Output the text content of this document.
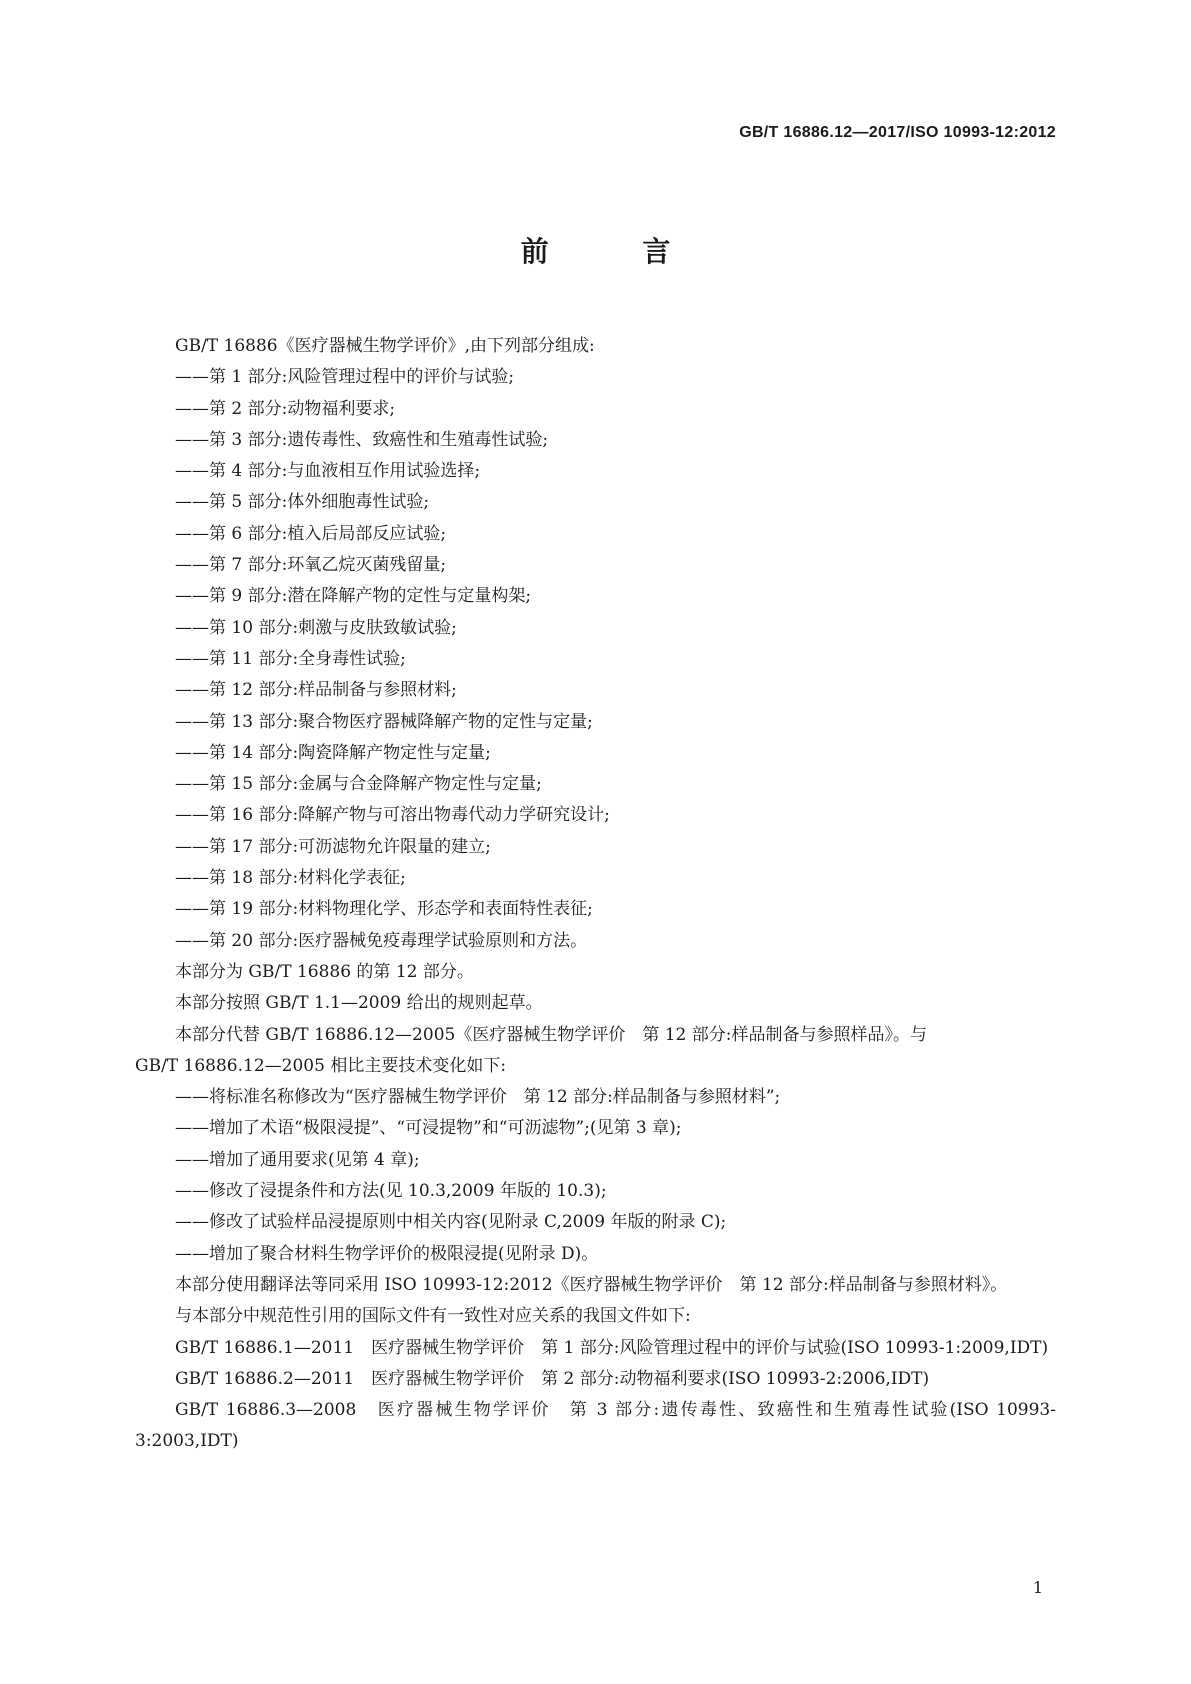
GB/T 16886.12—2017/ISO 10993-12:2012
前 言

GB/T 16886《医疗器械生物学评价》,由下列部分组成:

——第 1 部分:风险管理过程中的评价与试验;

——第 2 部分:动物福利要求;

——第 3 部分:遗传毒性、致癌性和生殖毒性试验;

——第 4 部分:与血液相互作用试验选择;

——第 5 部分:体外细胞毒性试验;

——第 6 部分:植入后局部反应试验;

——第 7 部分:环氧乙烷灭菌残留量;

——第 9 部分:潜在降解产物的定性与定量构架;

——第 10 部分:刺激与皮肤致敏试验;

——第 11 部分:全身毒性试验;

——第 12 部分:样品制备与参照材料;

——第 13 部分:聚合物医疗器械降解产物的定性与定量;

——第 14 部分:陶瓷降解产物定性与定量;

——第 15 部分:金属与合金降解产物定性与定量;

——第 16 部分:降解产物与可溶出物毒代动力学研究设计;

——第 17 部分:可沥滤物允许限量的建立;

——第 18 部分:材料化学表征;

——第 19 部分:材料物理化学、形态学和表面特性表征;

——第 20 部分:医疗器械免疫毒理学试验原则和方法。

本部分为 GB/T 16886 的第 12 部分。

本部分按照 GB/T 1.1—2009 给出的规则起草。

本部分代替 GB/T 16886.12—2005《医疗器械生物学评价　第 12 部分:样品制备与参照样品》。与

GB/T 16886.12—2005 相比主要技术变化如下:

——将标准名称修改为“医疗器械生物学评价　第 12 部分:样品制备与参照材料”;

——增加了术语“极限浸提”、“可浸提物”和“可沥滤物”;(见第 3 章);

——增加了通用要求(见第 4 章);

——修改了浸提条件和方法(见 10.3,2009 年版的 10.3);

——修改了试验样品浸提原则中相关内容(见附录 C,2009 年版的附录 C);

——增加了聚合材料生物学评价的极限浸提(见附录 D)。

本部分使用翻译法等同采用 ISO 10993-12:2012《医疗器械生物学评价　第 12 部分:样品制备与参照材料》。

与本部分中规范性引用的国际文件有一致性对应关系的我国文件如下:

GB/T 16886.1—2011　医疗器械生物学评价　第 1 部分:风险管理过程中的评价与试验(ISO 10993-1:2009,IDT)

GB/T 16886.2—2011　医疗器械生物学评价　第 2 部分:动物福利要求(ISO 10993-2:2006,IDT)

GB/T 16886.3—2008　医疗器械生物学评价　第 3 部分:遗传毒性、致癌性和生殖毒性试验(ISO 10993-3:2003,IDT)

1
